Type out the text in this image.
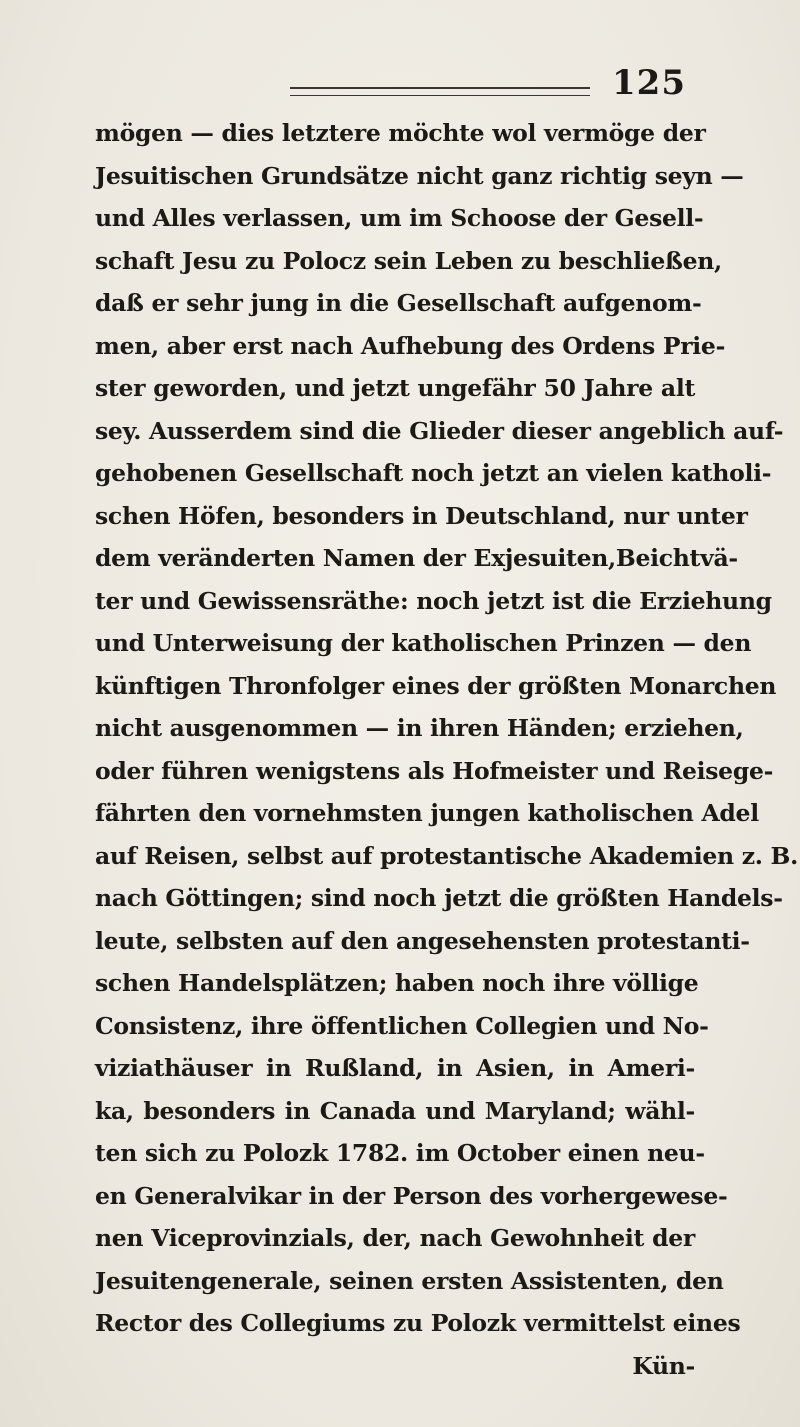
125
mögen — dies letztere möchte wol vermöge der
Jesuitischen Grundsätze nicht ganz richtig seyn —
und Alles verlassen, um im Schoose der Gesell-
schaft Jesu zu Polocz sein Leben zu beschließen,
daß er sehr jung in die Gesellschaft aufgenom-
men, aber erst nach Aufhebung des Ordens Prie-
ster geworden, und jetzt ungefähr 50 Jahre alt
sey. Ausserdem sind die Glieder dieser angeblich auf-
gehobenen Gesellschaft noch jetzt an vielen katholi-
schen Höfen, besonders in Deutschland, nur unter
dem veränderten Namen der Exjesuiten,Beichtvä-
ter und Gewissensräthe: noch jetzt ist die Erziehung
und Unterweisung der katholischen Prinzen — den
künftigen Thronfolger eines der größten Monarchen
nicht ausgenommen — in ihren Händen; erziehen,
oder führen wenigstens als Hofmeister und Reisege-
fährten den vornehmsten jungen katholischen Adel
auf Reisen, selbst auf protestantische Akademien z. B.
nach Göttingen; sind noch jetzt die größten Handels-
leute, selbsten auf den angesehensten protestanti-
schen Handelsplätzen; haben noch ihre völlige
Consistenz, ihre öffentlichen Collegien und No-
viziathäuser in Rußland, in Asien, in Ameri-
ka, besonders in Canada und Maryland; wähl-
ten sich zu Polozk 1782. im October einen neu-
en Generalvikar in der Person des vorhergewese-
nen Viceprovinzials, der, nach Gewohnheit der
Jesuitengenerale, seinen ersten Assistenten, den
Rector des Collegiums zu Polozk vermittelst eines
Kün-
